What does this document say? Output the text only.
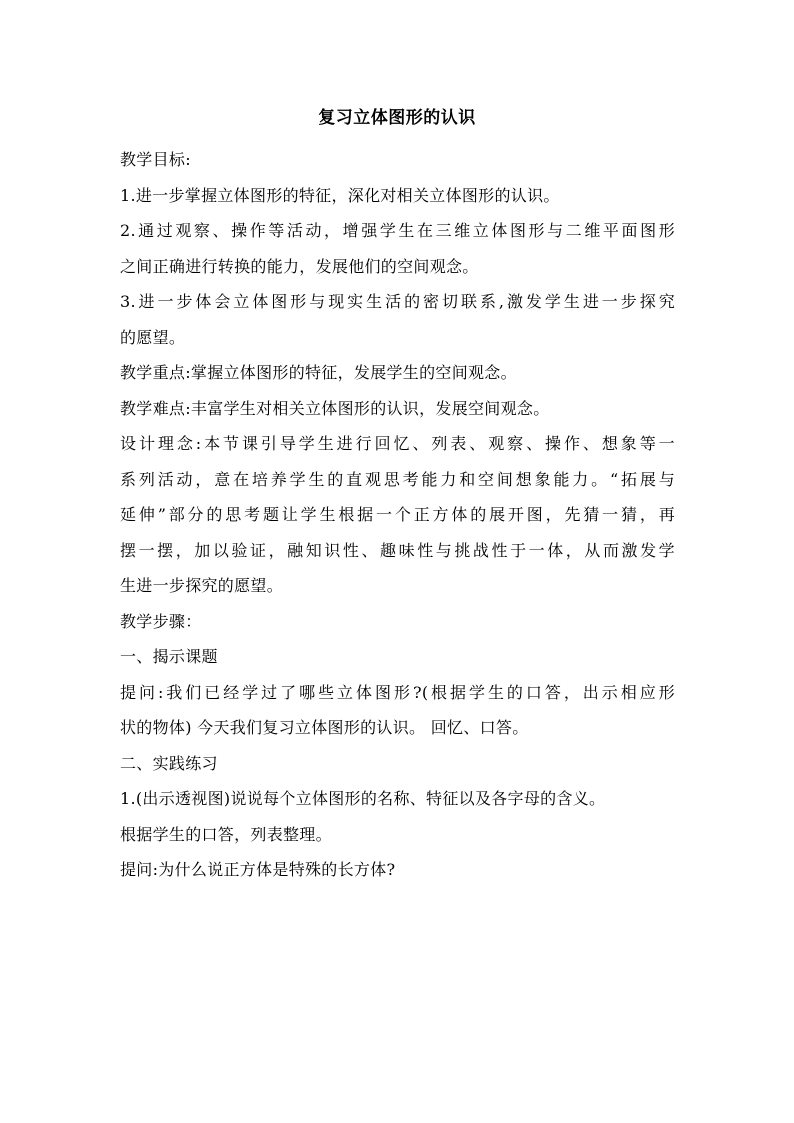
复习立体图形的认识
教学目标:
1.进一步掌握立体图形的特征，深化对相关立体图形的认识。
2.通过观察、操作等活动，增强学生在三维立体图形与二维平面图形
之间正确进行转换的能力，发展他们的空间观念。
3.进一步体会立体图形与现实生活的密切联系,激发学生进一步探究
的愿望。
教学重点:掌握立体图形的特征，发展学生的空间观念。
教学难点:丰富学生对相关立体图形的认识，发展空间观念。
设计理念:本节课引导学生进行回忆、列表、观察、操作、想象等一
系列活动，意在培养学生的直观思考能力和空间想象能力。“拓展与
延伸”部分的思考题让学生根据一个正方体的展开图，先猜一猜，再
摆一摆，加以验证，融知识性、趣味性与挑战性于一体，从而激发学
生进一步探究的愿望。
教学步骤：
一、揭示课题
提问:我们已经学过了哪些立体图形?(根据学生的口答，出示相应形
状的物体) 今天我们复习立体图形的认识。 回忆、口答。
二、实践练习
1.(出示透视图)说说每个立体图形的名称、特征以及各字母的含义。
根据学生的口答，列表整理。
提问:为什么说正方体是特殊的长方体?
